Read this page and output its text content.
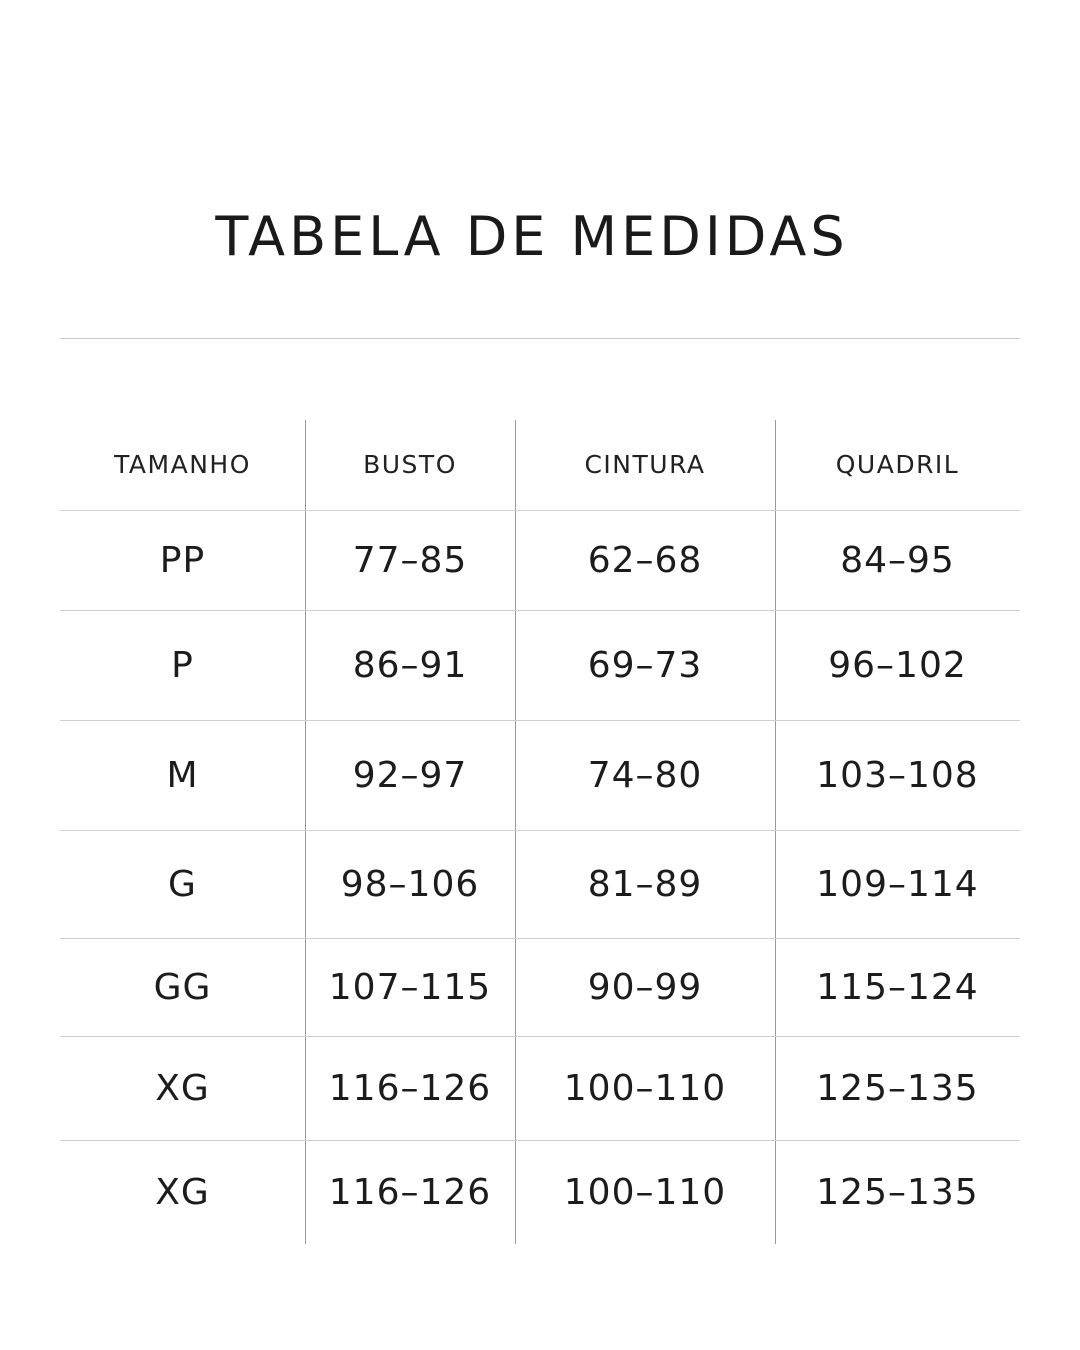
TABELA DE MEDIDAS
TAMANHO	BUSTO	CINTURA	QUADRIL
PP	77–85	62–68	84–95
P	86–91	69–73	96–102
M	92–97	74–80	103–108
G	98–106	81–89	109–114
GG	107–115	90–99	115–124
XG	116–126	100–110	125–135
XG	116–126	100–110	125–135
